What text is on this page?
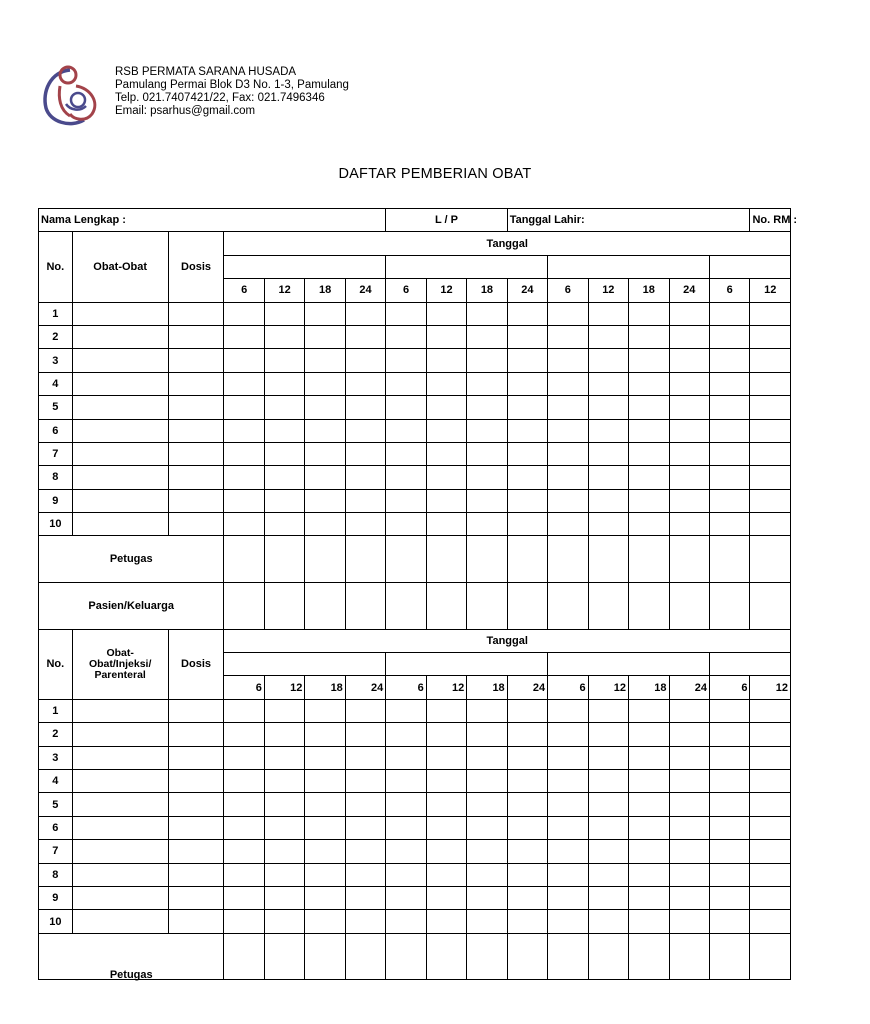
RSB PERMATA SARANA HUSADA
Pamulang Permai Blok D3 No. 1-3, Pamulang
Telp. 021.7407421/22, Fax: 021.7496346
Email: psarhus@gmail.com
DAFTAR PEMBERIAN OBAT
Nama Lengkap :							L / P			Tanggal Lahir:						No. RM :
No.	Obat-Obat	Dosis	Tanggal													

			6	12	18	24	6	12	18	24	6	12	18	24	6	12
1																
2																
3																
4																
5																
6																
7																
8																
9																
10																
Petugas																
Pasien/Keluarga																
No.	Obat-
Obat/Injeksi/
Parenteral	Dosis	Tanggal													

			6	12	18	24	6	12	18	24	6	12	18	24	6	12
1																
2																
3																
4																
5																
6																
7																
8																
9																
10																
Petugas																
